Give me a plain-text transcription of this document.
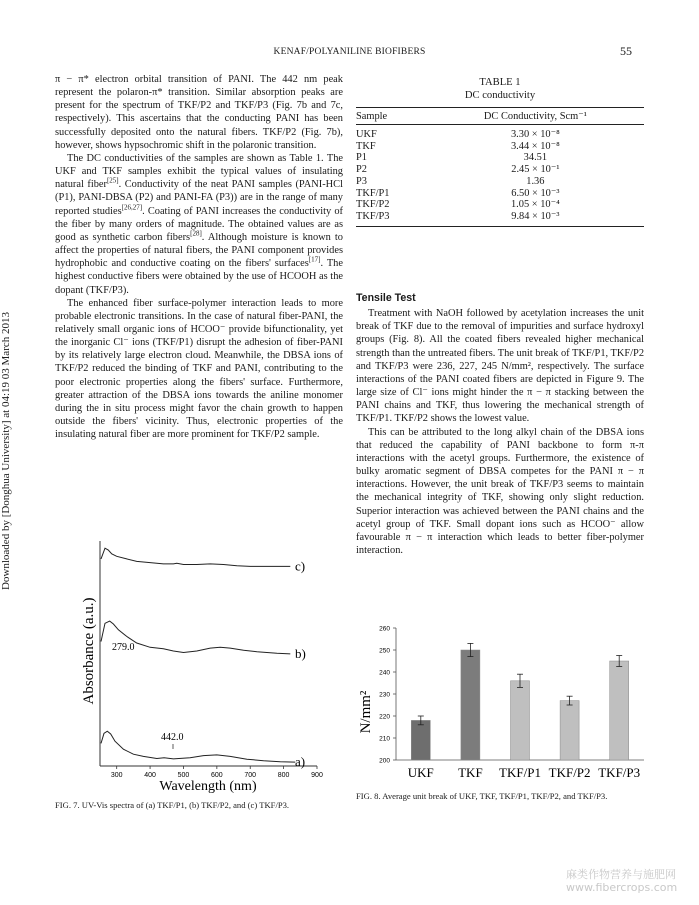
KENAF/POLYANILINE BIOFIBERS	55
Downloaded by [Donghua University] at 04:19 03 March 2013

π − π* electron orbital transition of PANI. The 442 nm peak represent the polaron-π* transition. Similar absorption peaks are present for the spectrum of TKF/P2 and TKF/P3 (Fig. 7b and 7c, respectively). This ascertains that the conducting PANI has been successfully deposited onto the natural fibers. TKF/P2 (Fig. 7b), however, shows hypsochromic shift in the polaronic transition.

The DC conductivities of the samples are shown as Table 1. The UKF and TKF samples exhibit the typical values of insulating natural fiber[25]. Conductivity of the neat PANI samples (PANI-HCl (P1), PANI-DBSA (P2) and PANI-FA (P3)) are in the range of many reported studies[26,27]. Coating of PANI increases the conductivity of the fiber by many orders of magnitude. The obtained values are as good as synthetic carbon fibers[28]. Although moisture is known to affect the properties of natural fibers, the PANI component provides hydrophobic and conductive coating on the fibers' surfaces[17]. The highest conductive fibers were obtained by the use of HCOOH as the dopant (TKF/P3).

The enhanced fiber surface-polymer interaction leads to more probable electronic transitions. In the case of natural fiber-PANI, the relatively small organic ions of HCOO⁻ provide bifunctionality, yet the inorganic Cl⁻ ions (TKF/P1) disrupt the adhesion of fiber-PANI by its relatively large electron cloud. Meanwhile, the DBSA ions of TKF/P2 reduced the binding of TKF and PANI, contributing to the poor electronic properties along the fibers' surface. Furthermore, greater attraction of the DBSA ions towards the aniline monomer during the in situ process might favor the chain growth to happen outside the fibers' vicinity. Thus, electronic properties of the insulating natural fiber are more prominent for TKF/P2 sample.

TABLE 1
DC conductivity
Sample	DC Conductivity, Scm⁻¹
UKF	3.30 × 10⁻⁸
TKF	3.44 × 10⁻⁸
P1	34.51
P2	2.45 × 10⁻¹
P3	1.36
TKF/P1	6.50 × 10⁻³
TKF/P2	1.05 × 10⁻⁴
TKF/P3	9.84 × 10⁻³
Tensile Test

Treatment with NaOH followed by acetylation increases the unit break of TKF due to the removal of impurities and surface hydroxyl groups (Fig. 8). All the coated fibers revealed higher mechanical strength than the untreated fibers. The unit break of TKF/P1, TKF/P2 and TKF/P3 were 236, 227, 245 N/mm², respectively. The surface interactions of the PANI coated fibers are depicted in Figure 9. The large size of Cl⁻ ions might hinder the π − π stacking between the PANI chains and TKF, thus lowering the mechanical strength of TKF/P1. TKF/P2 shows the lowest value.

This can be attributed to the long alkyl chain of the DBSA ions that reduced the capability of PANI backbone to form π-π interactions with the acetyl groups. Furthermore, the existence of bulky aromatic segment of DBSA competes for the PANI π − π interactions. However, the unit break of TKF/P3 seems to maintain the mechanical integrity of TKF, showing only slight reduction. Superior interaction was achieved between the PANI chains and the acetyl group of TKF. Small dopant ions such as HCOO⁻ allow favourable π − π interaction which leads to better fiber-polymer interaction.

Absorbance (a.u.)
300	400	500	600	700	800	900
c)
b)
a)
Wavelength (nm)
279.0
442.0
N/mm²
200
210
220
230
240
250
260
UKF TKF TKF/P1 TKF/P2 TKF/P3
FIG. 7. UV-Vis spectra of (a) TKF/P1, (b) TKF/P2, and (c) TKF/P3.
FIG. 8. Average unit break of UKF, TKF, TKF/P1, TKF/P2, and TKF/P3.
麻类作物营养与施肥网
www.fibercrops.com
